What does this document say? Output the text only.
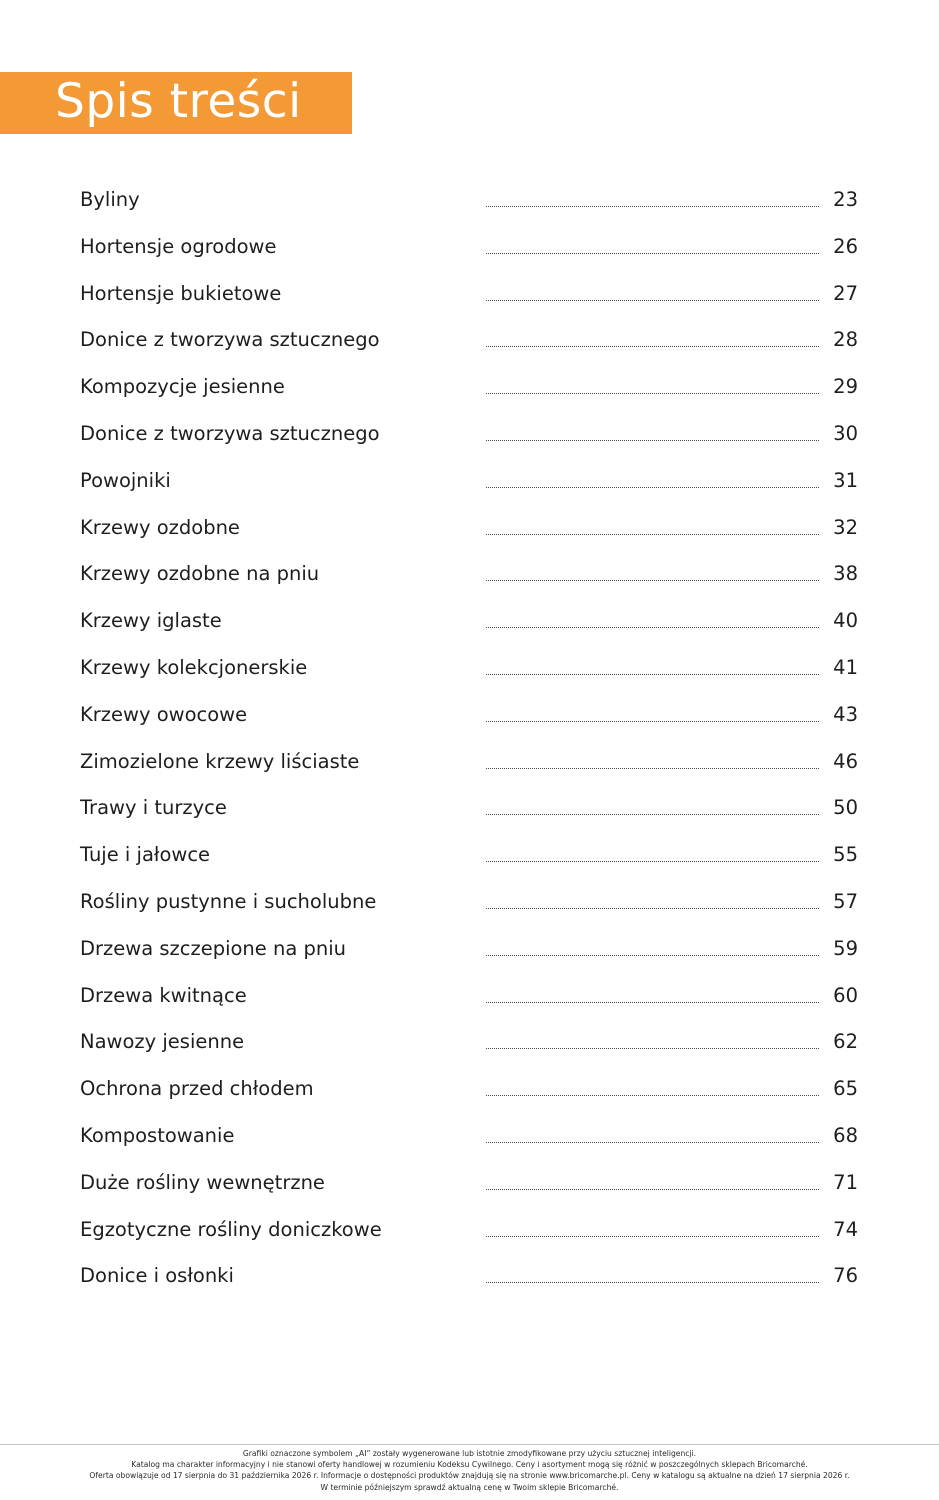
Spis treści
Byliny	23
Hortensje ogrodowe	26
Hortensje bukietowe	27
Donice z tworzywa sztucznego	28
Kompozycje jesienne	29
Donice z tworzywa sztucznego	30
Powojniki	31
Krzewy ozdobne	32
Krzewy ozdobne na pniu	38
Krzewy iglaste	40
Krzewy kolekcjonerskie	41
Krzewy owocowe	43
Zimozielone krzewy liściaste	46
Trawy i turzyce	50
Tuje i jałowce	55
Rośliny pustynne i sucholubne	57
Drzewa szczepione na pniu	59
Drzewa kwitnące	60
Nawozy jesienne	62
Ochrona przed chłodem	65
Kompostowanie	68
Duże rośliny wewnętrzne	71
Egzotyczne rośliny doniczkowe	74
Donice i osłonki	76
Grafiki oznaczone symbolem „AI” zostały wygenerowane lub istotnie zmodyfikowane przy użyciu sztucznej inteligencji.
Katalog ma charakter informacyjny i nie stanowi oferty handlowej w rozumieniu Kodeksu Cywilnego. Ceny i asortyment mogą się różnić w poszczególnych sklepach Bricomarché.
Oferta obowiązuje od 17 sierpnia do 31 października 2026 r. Informacje o dostępności produktów znajdują się na stronie www.bricomarche.pl. Ceny w katalogu są aktualne na dzień 17 sierpnia 2026 r.
W terminie późniejszym sprawdź aktualną cenę w Twoim sklepie Bricomarché.
